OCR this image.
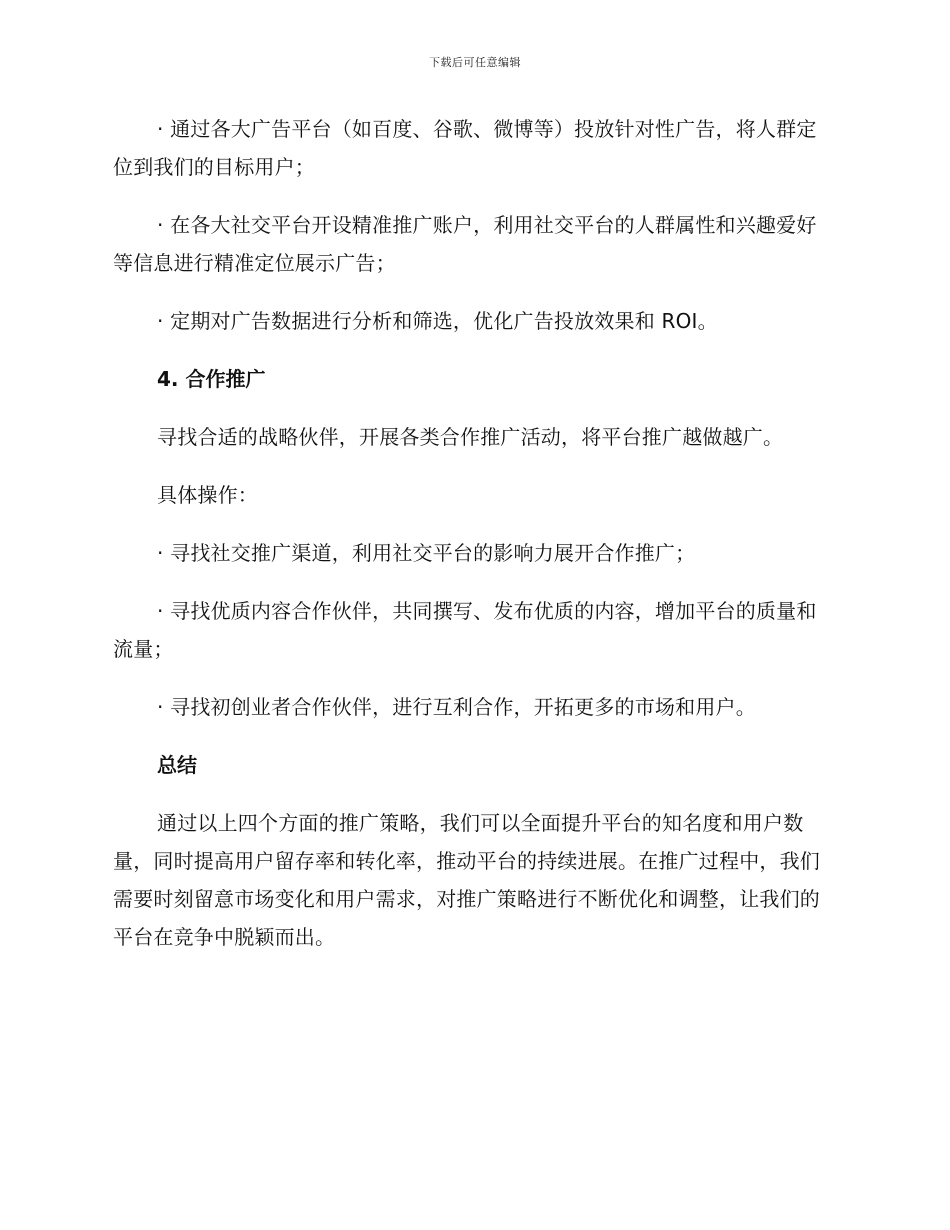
下载后可任意编辑

· 通过各大广告平台（如百度、谷歌、微博等）投放针对性广告，将人群定位到我们的目标用户；

· 在各大社交平台开设精准推广账户，利用社交平台的人群属性和兴趣爱好等信息进行精准定位展示广告；

· 定期对广告数据进行分析和筛选，优化广告投放效果和 ROI。

4. 合作推广

寻找合适的战略伙伴，开展各类合作推广活动，将平台推广越做越广。

具体操作：

· 寻找社交推广渠道，利用社交平台的影响力展开合作推广；

· 寻找优质内容合作伙伴，共同撰写、发布优质的内容，增加平台的质量和流量；

· 寻找初创业者合作伙伴，进行互利合作，开拓更多的市场和用户。

总结

通过以上四个方面的推广策略，我们可以全面提升平台的知名度和用户数量，同时提高用户留存率和转化率，推动平台的持续进展。在推广过程中，我们需要时刻留意市场变化和用户需求，对推广策略进行不断优化和调整，让我们的平台在竞争中脱颖而出。
